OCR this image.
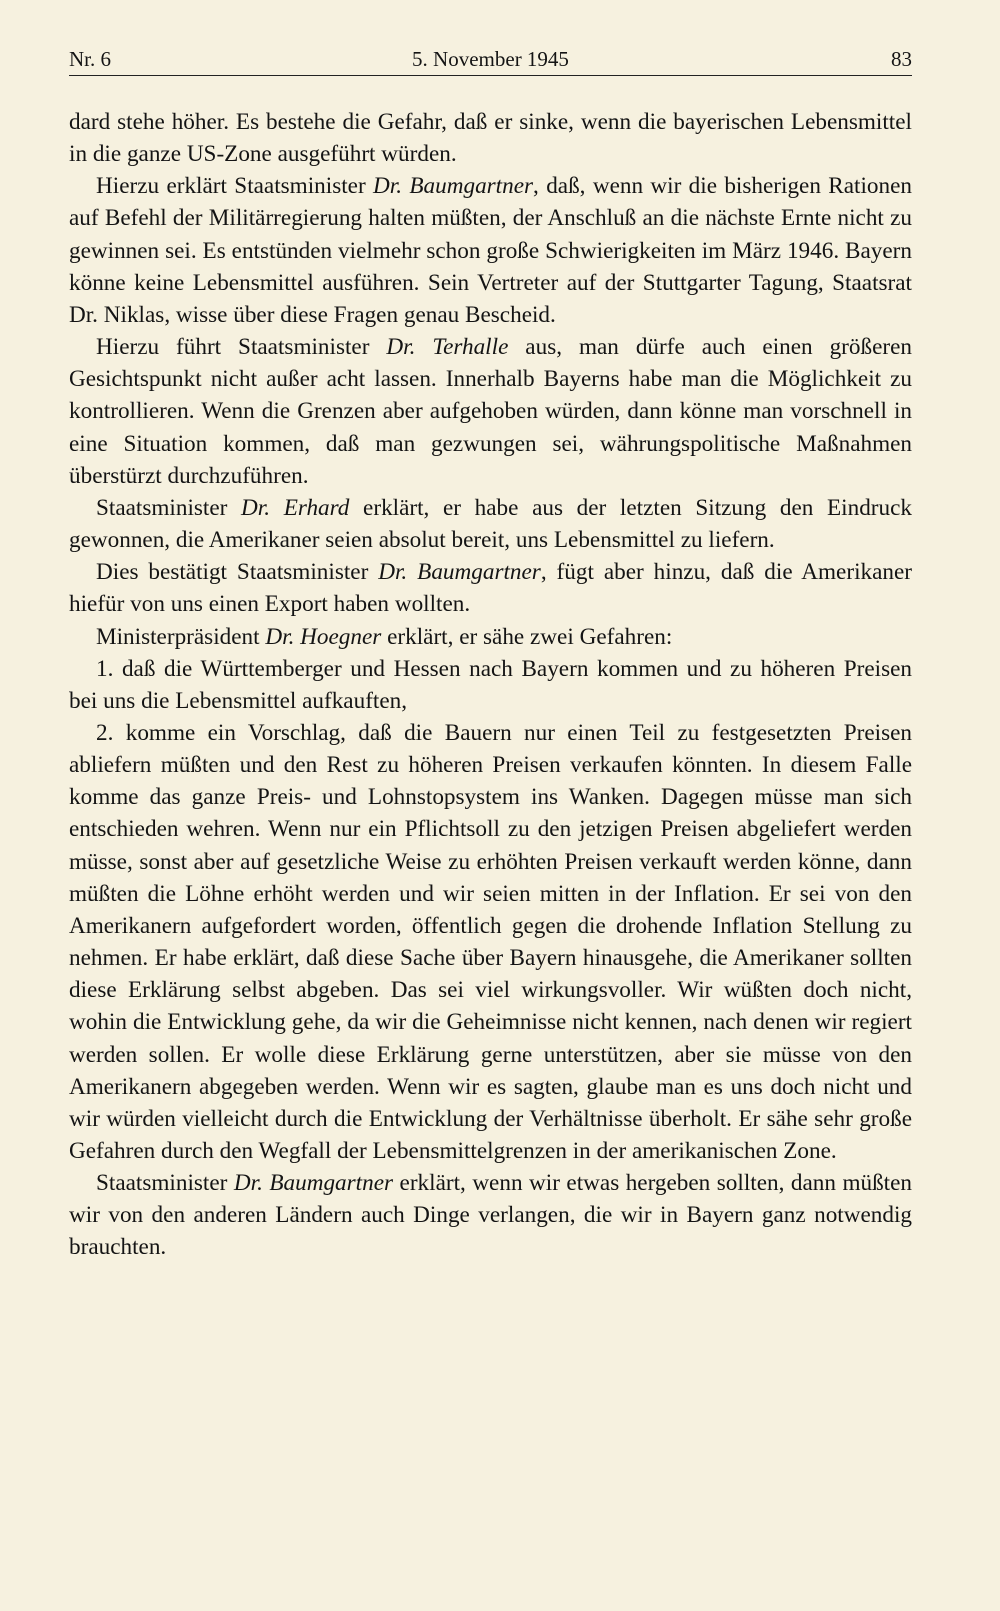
Nr. 6	5. November 1945	83

dard stehe höher. Es bestehe die Gefahr, daß er sinke, wenn die bayerischen Lebensmittel in die ganze US-Zone ausgeführt würden.

Hierzu erklärt Staatsminister Dr. Baumgartner, daß, wenn wir die bisherigen Rationen auf Befehl der Militärregierung halten müßten, der Anschluß an die nächste Ernte nicht zu gewinnen sei. Es entstünden vielmehr schon große Schwierigkeiten im März 1946. Bayern könne keine Lebensmittel ausführen. Sein Vertreter auf der Stuttgarter Tagung, Staatsrat Dr. Niklas, wisse über diese Fragen genau Bescheid.

Hierzu führt Staatsminister Dr. Terhalle aus, man dürfe auch einen größeren Gesichtspunkt nicht außer acht lassen. Innerhalb Bayerns habe man die Möglichkeit zu kontrollieren. Wenn die Grenzen aber aufgehoben würden, dann könne man vorschnell in eine Situation kommen, daß man gezwungen sei, währungspolitische Maßnahmen überstürzt durchzuführen.

Staatsminister Dr. Erhard erklärt, er habe aus der letzten Sitzung den Eindruck gewonnen, die Amerikaner seien absolut bereit, uns Lebensmittel zu liefern.

Dies bestätigt Staatsminister Dr. Baumgartner, fügt aber hinzu, daß die Amerikaner hiefür von uns einen Export haben wollten.

Ministerpräsident Dr. Hoegner erklärt, er sähe zwei Gefahren:

1. daß die Württemberger und Hessen nach Bayern kommen und zu höheren Preisen bei uns die Lebensmittel aufkauften,

2. komme ein Vorschlag, daß die Bauern nur einen Teil zu festgesetzten Preisen abliefern müßten und den Rest zu höheren Preisen verkaufen könnten. In diesem Falle komme das ganze Preis- und Lohnstopsystem ins Wanken. Dagegen müsse man sich entschieden wehren. Wenn nur ein Pflichtsoll zu den jetzigen Preisen abgeliefert werden müsse, sonst aber auf gesetzliche Weise zu erhöhten Preisen verkauft werden könne, dann müßten die Löhne erhöht werden und wir seien mitten in der Inflation. Er sei von den Amerikanern aufgefordert worden, öffentlich gegen die drohende Inflation Stellung zu nehmen. Er habe erklärt, daß diese Sache über Bayern hinausgehe, die Amerikaner sollten diese Erklärung selbst abgeben. Das sei viel wirkungsvoller. Wir wüßten doch nicht, wohin die Entwicklung gehe, da wir die Geheimnisse nicht kennen, nach denen wir regiert werden sollen. Er wolle diese Erklärung gerne unterstützen, aber sie müsse von den Amerikanern abgegeben werden. Wenn wir es sagten, glaube man es uns doch nicht und wir würden vielleicht durch die Entwicklung der Verhältnisse überholt. Er sähe sehr große Gefahren durch den Wegfall der Lebensmittelgrenzen in der amerikanischen Zone.

Staatsminister Dr. Baumgartner erklärt, wenn wir etwas hergeben sollten, dann müßten wir von den anderen Ländern auch Dinge verlangen, die wir in Bayern ganz notwendig brauchten.
